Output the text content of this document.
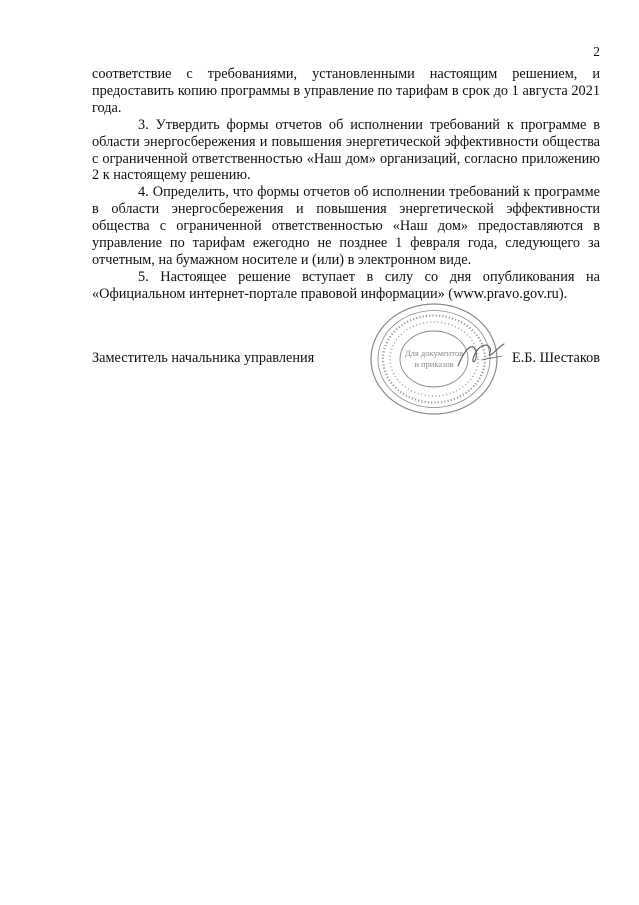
2

соответствие с требованиями, установленными настоящим решением, и предоставить копию программы в управление по тарифам в срок до 1 августа 2021 года.

3. Утвердить формы отчетов об исполнении требований к программе в области энергосбережения и повышения энергетической эффективности общества с ограниченной ответственностью «Наш дом» организаций, согласно приложению 2 к настоящему решению.

4. Определить, что формы отчетов об исполнении требований к программе в области энергосбережения и повышения энергетической эффективности общества с ограниченной ответственностью «Наш дом» предоставляются в управление по тарифам ежегодно не позднее 1 февраля года, следующего за отчетным, на бумажном носителе и (или) в электронном виде.

5. Настоящее решение вступает в силу со дня опубликования на «Официальном интернет-портале правовой информации» (www.pravo.gov.ru).

Для документов
и приказов
Заместитель начальника управления	Е.Б. Шестаков
